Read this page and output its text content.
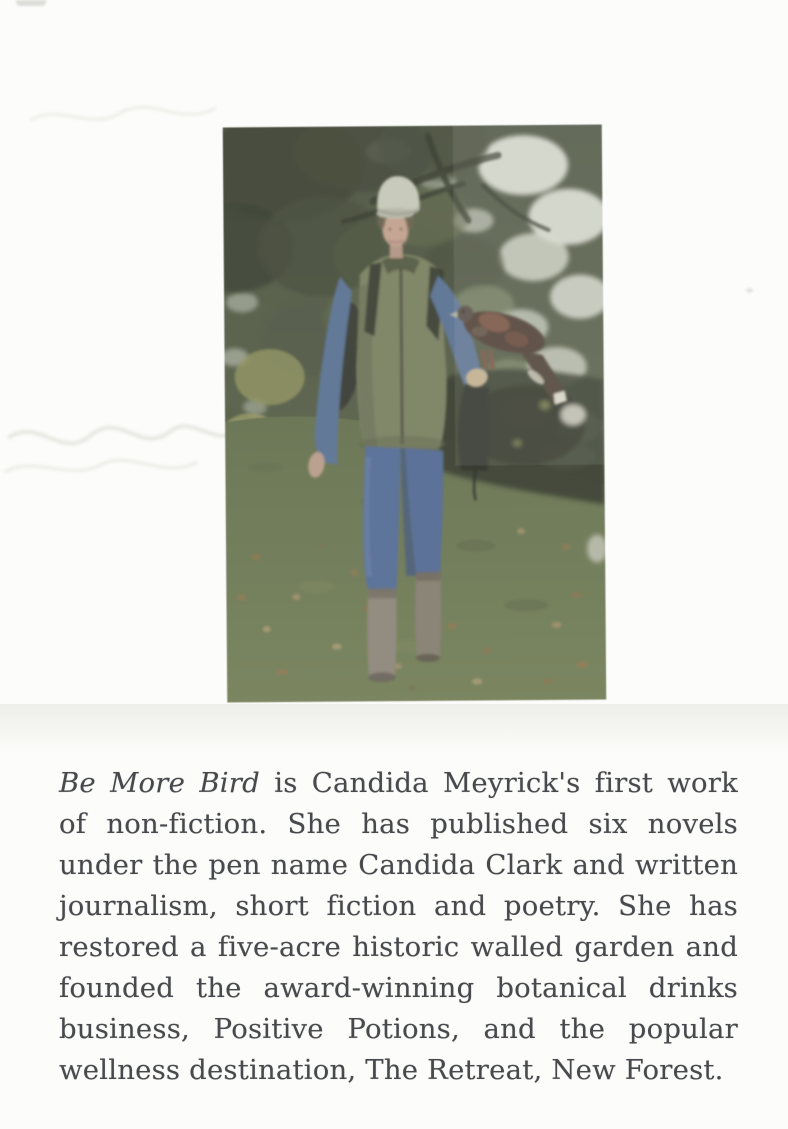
Be More Bird is Candida Meyrick's first work
of non-fiction. She has published six novels
under the pen name Candida Clark and written
journalism, short fiction and poetry. She has
restored a five-acre historic walled garden and
founded the award-winning botanical drinks
business, Positive Potions, and the popular
wellness destination, The Retreat, New Forest.
